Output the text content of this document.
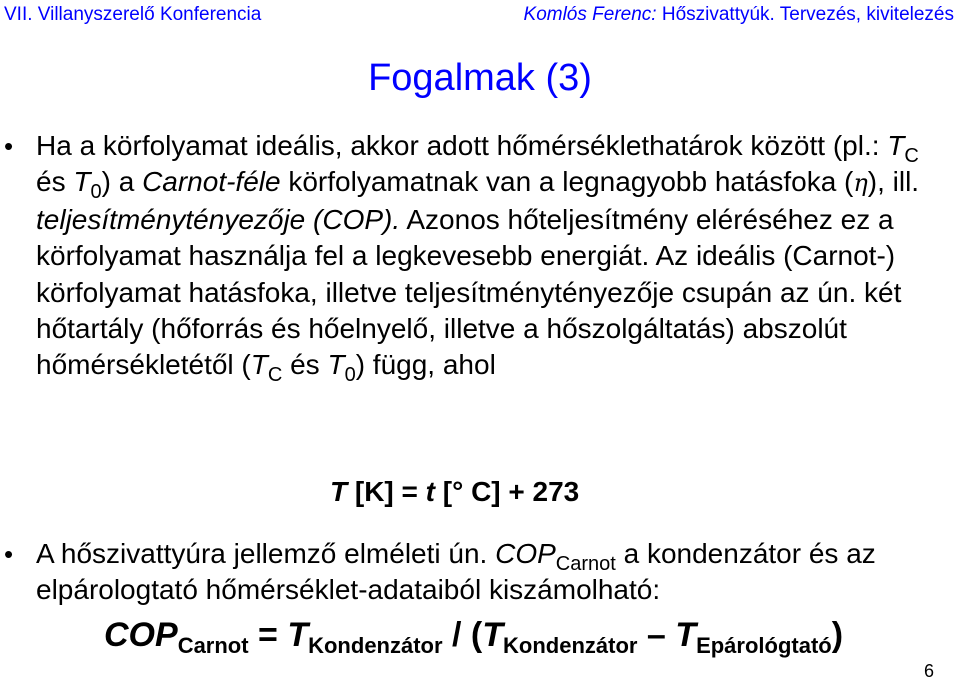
VII. Villanyszerelő Konferencia	Komlós Ferenc: Hőszivattyúk. Tervezés, kivitelezés
Fogalmak (3)
• Ha a körfolyamat ideális, akkor adott hőmérséklethatárok között (pl.: $T_C$ és $T_0$) a Carnot-féle körfolyamatnak van a legnagyobb hatásfoka (η), ill. teljesítménytényezője (COP). Azonos hőteljesítmény eléréséhez ez a körfolyamat használja fel a legkevesebb energiát. Az ideális (Carnot-) körfolyamat hatásfoka, illetve teljesítménytényezője csupán az ún. két hőtartály (hőforrás és hőelnyelő, illetve a hőszolgáltatás) abszolút hőmérsékletétől ($T_C$ és $T_0$) függ, ahol

T [K] = t [° C] + 273
• A hőszivattyúra jellemző elméleti ún. $COP_{Carnot}$ a kondenzátor és az elpárologtató hőmérséklet-adataiból kiszámolható:

$COP_{Carnot} = T_{Kondenzátor} / (T_{Kondenzátor} - T_{Epárológtató})$
6
